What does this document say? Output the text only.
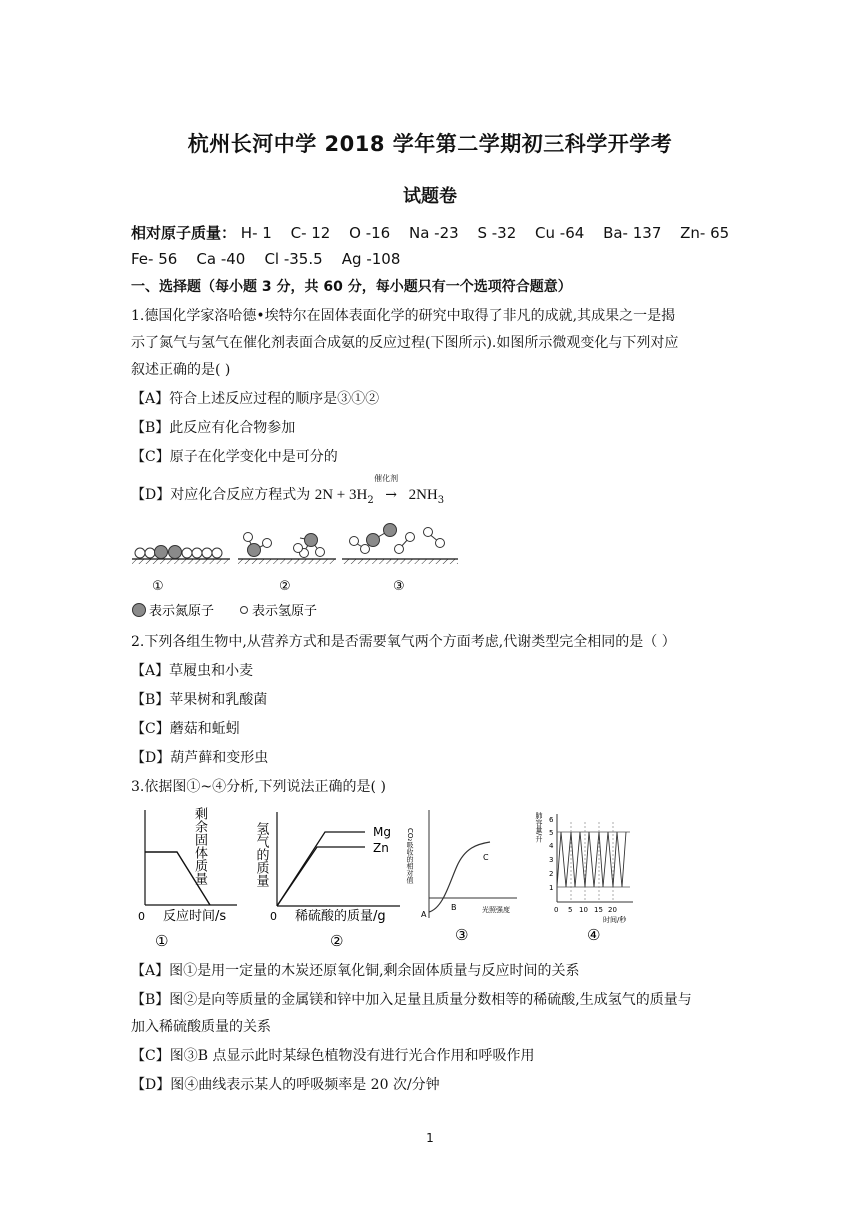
杭州长河中学 2018 学年第二学期初三科学开学考
试题卷
相对原子质量： H- 1 C- 12 O -16 Na -23 S -32 Cu -64 Ba- 137 Zn- 65
Fe- 56 Ca -40 Cl -35.5 Ag -108
一、选择题（每小题 3 分，共 60 分，每小题只有一个选项符合题意）
1.德国化学家洛哈德•埃特尔在固体表面化学的研究中取得了非凡的成就,其成果之一是揭
示了氮气与氢气在催化剂表面合成氨的反应过程(下图所示).如图所示微观变化与下列对应
叙述正确的是( )
【A】符合上述反应过程的顺序是③①②
【B】此反应有化合物参加
【C】原子在化学变化中是可分的
【D】对应化合反应方程式为 $2N + 3H_2$
催化剂
→ $2NH_3$
①	②	③
表示氮原子	表示氢原子
2.下列各组生物中,从营养方式和是否需要氧气两个方面考虑,代谢类型完全相同的是（ ）
【A】草履虫和小麦
【B】苹果树和乳酸菌
【C】蘑菇和蚯蚓
【D】葫芦藓和变形虫
3.依据图①~④分析,下列说法正确的是( )
剩余固体质量
0 反应时间/s
①
Mg
Zn
氢气的质量
0 稀硫酸的质量/g
②
CO₂吸收的相对值
A
B
C
光照强度
③
肺容量/升 6
5
4
3
2
1
0 5 10 15 20
时间/秒
④
【A】图①是用一定量的木炭还原氧化铜,剩余固体质量与反应时间的关系
【B】图②是向等质量的金属镁和锌中加入足量且质量分数相等的稀硫酸,生成氢气的质量与
加入稀硫酸质量的关系
【C】图③B 点显示此时某绿色植物没有进行光合作用和呼吸作用
【D】图④曲线表示某人的呼吸频率是 20 次/分钟
1
